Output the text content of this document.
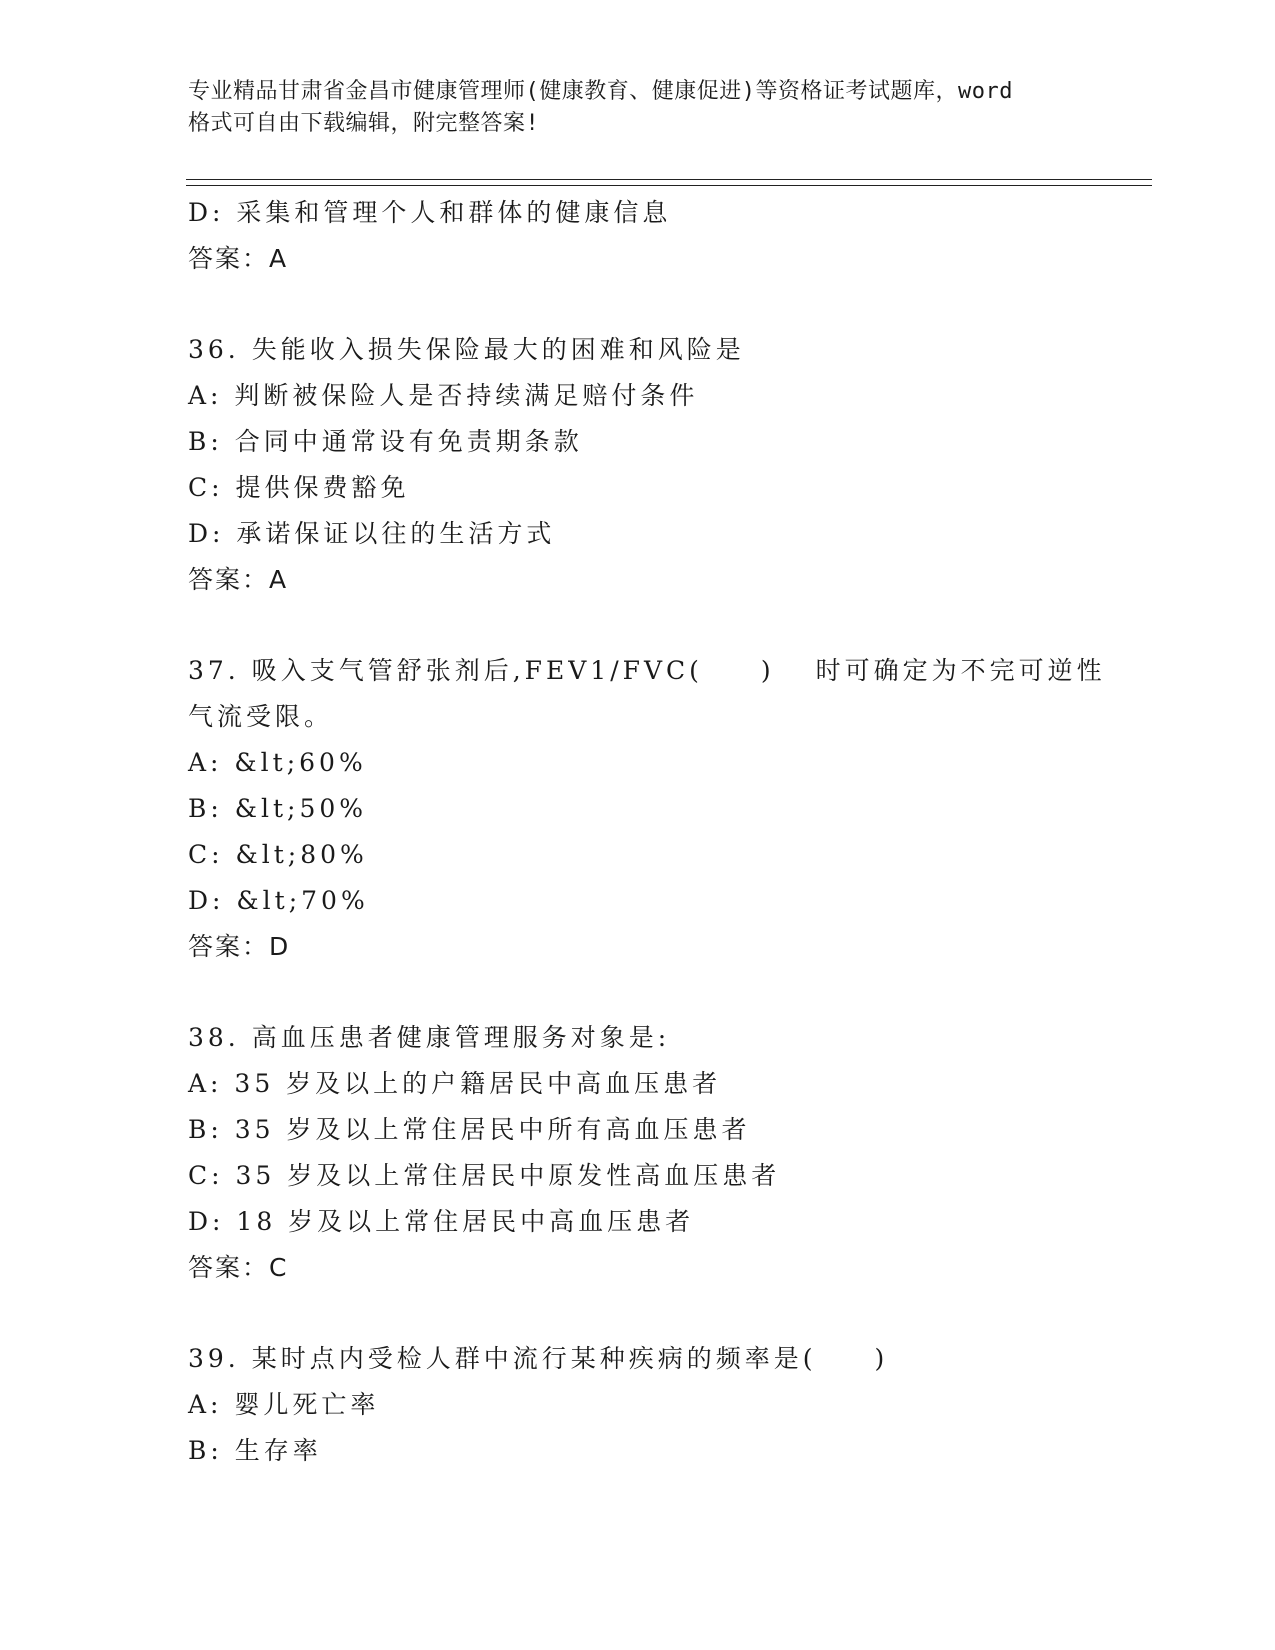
专业精品甘肃省金昌市健康管理师(健康教育、健康促进)等资格证考试题库，word
格式可自由下载编辑，附完整答案!
D: 采集和管理个人和群体的健康信息
答案：A
36. 失能收入损失保险最大的困难和风险是
A: 判断被保险人是否持续满足赔付条件
B: 合同中通常设有免责期条款
C: 提供保费豁免
D: 承诺保证以往的生活方式
答案：A
37. 吸入支气管舒张剂后,FEV1/FVC(　　)　 时可确定为不完可逆性
气流受限。
A: &lt;60%
B: &lt;50%
C: &lt;80%
D: &lt;70%
答案：D
38. 高血压患者健康管理服务对象是:
A: 35 岁及以上的户籍居民中高血压患者
B: 35 岁及以上常住居民中所有高血压患者
C: 35 岁及以上常住居民中原发性高血压患者
D: 18 岁及以上常住居民中高血压患者
答案：C
39. 某时点内受检人群中流行某种疾病的频率是(　　)
A: 婴儿死亡率
B: 生存率
